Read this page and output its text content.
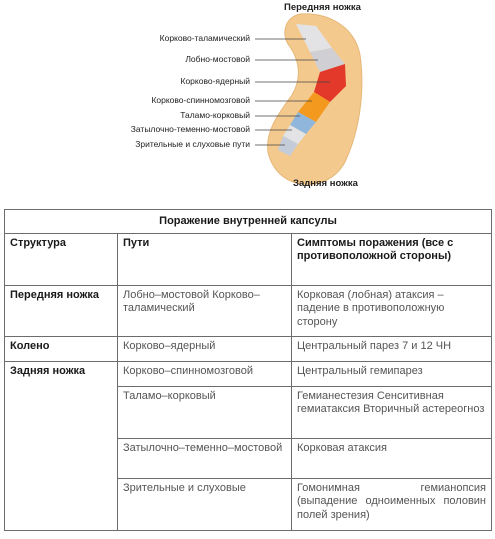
Передняя ножка
Задняя ножка
Корково-таламический
Лобно-мостовой
Корково-ядерный
Корково-спинномозговой
Таламо-корковый
Затылочно-теменно-мостовой
Зрительные и слуховые пути
Поражение внутренней капсулы		
Структура	Пути	Симптомы поражения (все с противоположной стороны)
Передняя ножка	Лобно–мостовой Корково–таламический	Корковая (лобная) атаксия – падение в противоположную сторону
Колено	Корково–ядерный	Центральный парез 7 и 12 ЧН
Задняя ножка	Корково–спинномозговой	Центральный гемипарез
	Таламо–корковый	Гемианестезия Сенситивная гемиатаксия Вторичный астереогноз
	Затылочно–теменно–мостовой	Корковая атаксия
	Зрительные и слуховые	Гомонимная гемианопсия (выпадение одноименных половин полей зрения)
